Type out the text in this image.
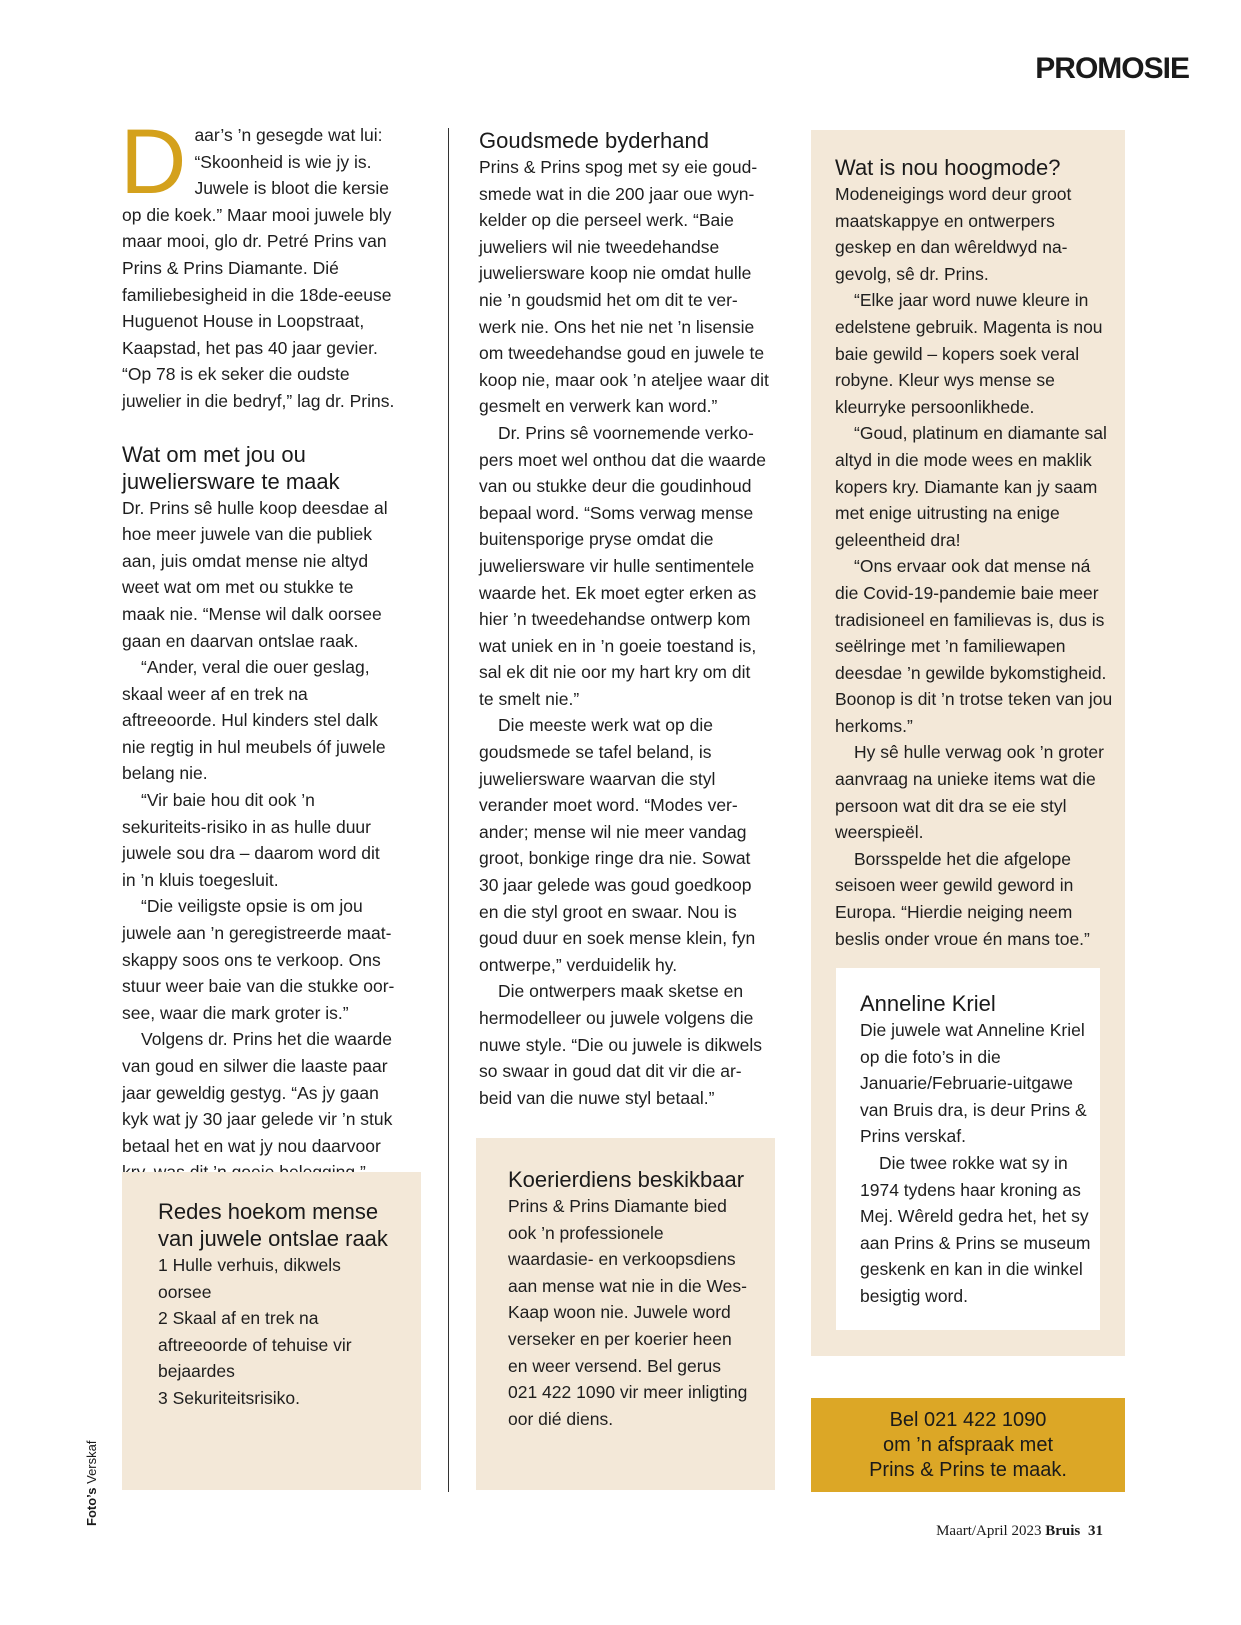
PROMOSIE

Daar’s ’n gesegde wat lui: “Skoonheid is wie jy is. Juwele is bloot die kersie op die koek.” Maar mooi juwele bly maar mooi, glo dr. Petré Prins van Prins & Prins Diamante. Dié familiebesigheid in die 18de-eeuse Huguenot House in Loopstraat, Kaapstad, het pas 40 jaar gevier. “Op 78 is ek seker die oudste juwelier in die bedryf,” lag dr. Prins.

Wat om met jou ou juweliersware te maak

Dr. Prins sê hulle koop deesdae al hoe meer juwele van die publiek aan, juis omdat mense nie altyd weet wat om met ou stukke te maak nie. “Mense wil dalk oorsee gaan en daarvan ontslae raak.

“Ander, veral die ouer geslag, skaal weer af en trek na aftreeoorde. Hul kinders stel dalk nie regtig in hul meubels óf juwele belang nie.

“Vir baie hou dit ook ’n sekuriteits-risiko in as hulle duur juwele sou dra – daarom word dit in ’n kluis toegesluit.

“Die veiligste opsie is om jou juwele aan ’n geregistreerde maat-skappy soos ons te verkoop. Ons stuur weer baie van die stukke oor-see, waar die mark groter is.”

Volgens dr. Prins het die waarde van goud en silwer die laaste paar jaar geweldig gestyg. “As jy gaan kyk wat jy 30 jaar gelede vir ’n stuk betaal het en wat jy nou daarvoor

Redes hoekom mense van juwele ontslae raak

1 Hulle verhuis, dikwels oorsee

2 Skaal af en trek na aftreeoorde of tehuise vir bejaardes

3 Sekuriteitsrisiko.

Goudsmede byderhand

Prins & Prins spog met sy eie goud-smede wat in die 200 jaar oue wyn-kelder op die perseel werk. “Baie juweliers wil nie tweedehandse juweliersware koop nie omdat hulle nie ’n goudsmid het om dit te ver-werk nie. Ons het nie net ’n lisensie om tweedehandse goud en juwele te koop nie, maar ook ’n ateljee waar dit gesmelt en verwerk kan word.”

Dr. Prins sê voornemende verko-pers moet wel onthou dat die waarde van ou stukke deur die goudinhoud bepaal word. “Soms verwag mense buitensporige pryse omdat die juweliersware vir hulle sentimentele waarde het. Ek moet egter erken as hier ’n tweedehandse ontwerp kom wat uniek en in ’n goeie toestand is, sal ek dit nie oor my hart kry om dit te smelt nie.”

Die meeste werk wat op die goudsmede se tafel beland, is juweliersware waarvan die styl verander moet word. “Modes ver-ander; mense wil nie meer vandag groot, bonkige ringe dra nie. Sowat 30 jaar gelede was goud goedkoop en die styl groot en swaar. Nou is goud duur en soek mense klein, fyn ontwerpe,” verduidelik hy.

Die ontwerpers maak sketse en hermodelleer ou juwele volgens die nuwe style. “Die ou juwele is dikwels so swaar in goud dat dit vir die ar-beid van die nuwe styl betaal.”

Koerierdiens beskikbaar

Prins & Prins Diamante bied ook ’n professionele waardasie- en verkoopsdiens aan mense wat nie in die Wes-Kaap woon nie. Juwele word verseker en per koerier heen en weer versend. Bel gerus 021 422 1090 vir meer inligting oor dié diens.

Wat is nou hoogmode?

Modeneigings word deur groot maatskappye en ontwerpers geskep en dan wêreldwyd na-gevolg, sê dr. Prins.

“Elke jaar word nuwe kleure in edelstene gebruik. Magenta is nou baie gewild – kopers soek veral robyne. Kleur wys mense se kleurryke persoonlikhede.

“Goud, platinum en diamante sal altyd in die mode wees en maklik kopers kry. Diamante kan jy saam met enige uitrusting na enige geleentheid dra!

“Ons ervaar ook dat mense ná die Covid-19-pandemie baie meer tradisioneel en familievas is, dus is seëlringe met ’n familiewapen deesdae ’n gewilde bykomstigheid. Boonop is dit ’n trotse teken van jou herkoms.”

Hy sê hulle verwag ook ’n groter aanvraag na unieke items wat die persoon wat dit dra se eie styl weerspieël.

Borsspelde het die afgelope seisoen weer gewild geword in Europa. “Hierdie neiging neem beslis onder vroue én mans toe.”

Anneline Kriel

Die juwele wat Anneline Kriel op die foto’s in die Januarie/Februarie-uitgawe van Bruis dra, is deur Prins & Prins verskaf.

Die twee rokke wat sy in 1974 tydens haar kroning as Mej. Wêreld gedra het, het sy aan Prins & Prins se museum geskenk en kan in die winkel besigtig word.

Bel 021 422 1090
om ’n afspraak met
Prins & Prins te maak.
Foto’s Verskaf
Maart/April 2023 Bruis 31
